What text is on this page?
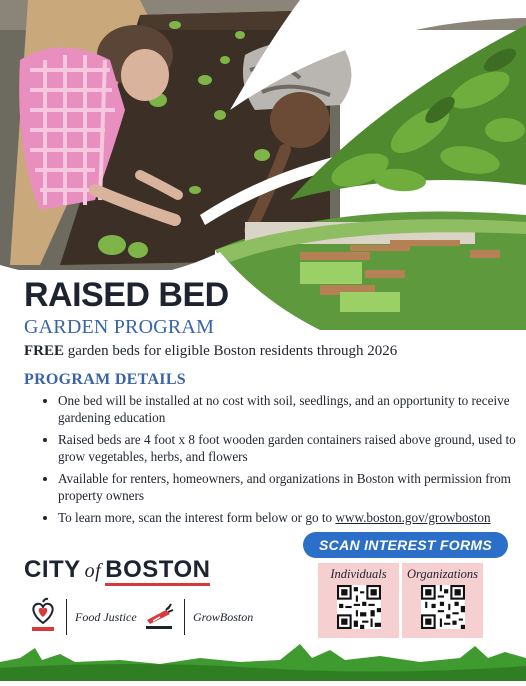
RAISED BED
GARDEN PROGRAM
FREE garden beds for eligible Boston residents through 2026
PROGRAM DETAILS
• One bed will be installed at no cost with soil, seedlings, and an opportunity to receive gardening education
• Raised beds are 4 foot x 8 foot wooden garden containers raised above ground, used to grow vegetables, herbs, and flowers
• Available for renters, homeowners, and organizations in Boston with permission from property owners
• To learn more, scan the interest form below or go to www.boston.gov/growboston
CITY of BOSTON
Food Justice	GrowBoston
SCAN INTEREST FORMS
Individuals	Organizations
